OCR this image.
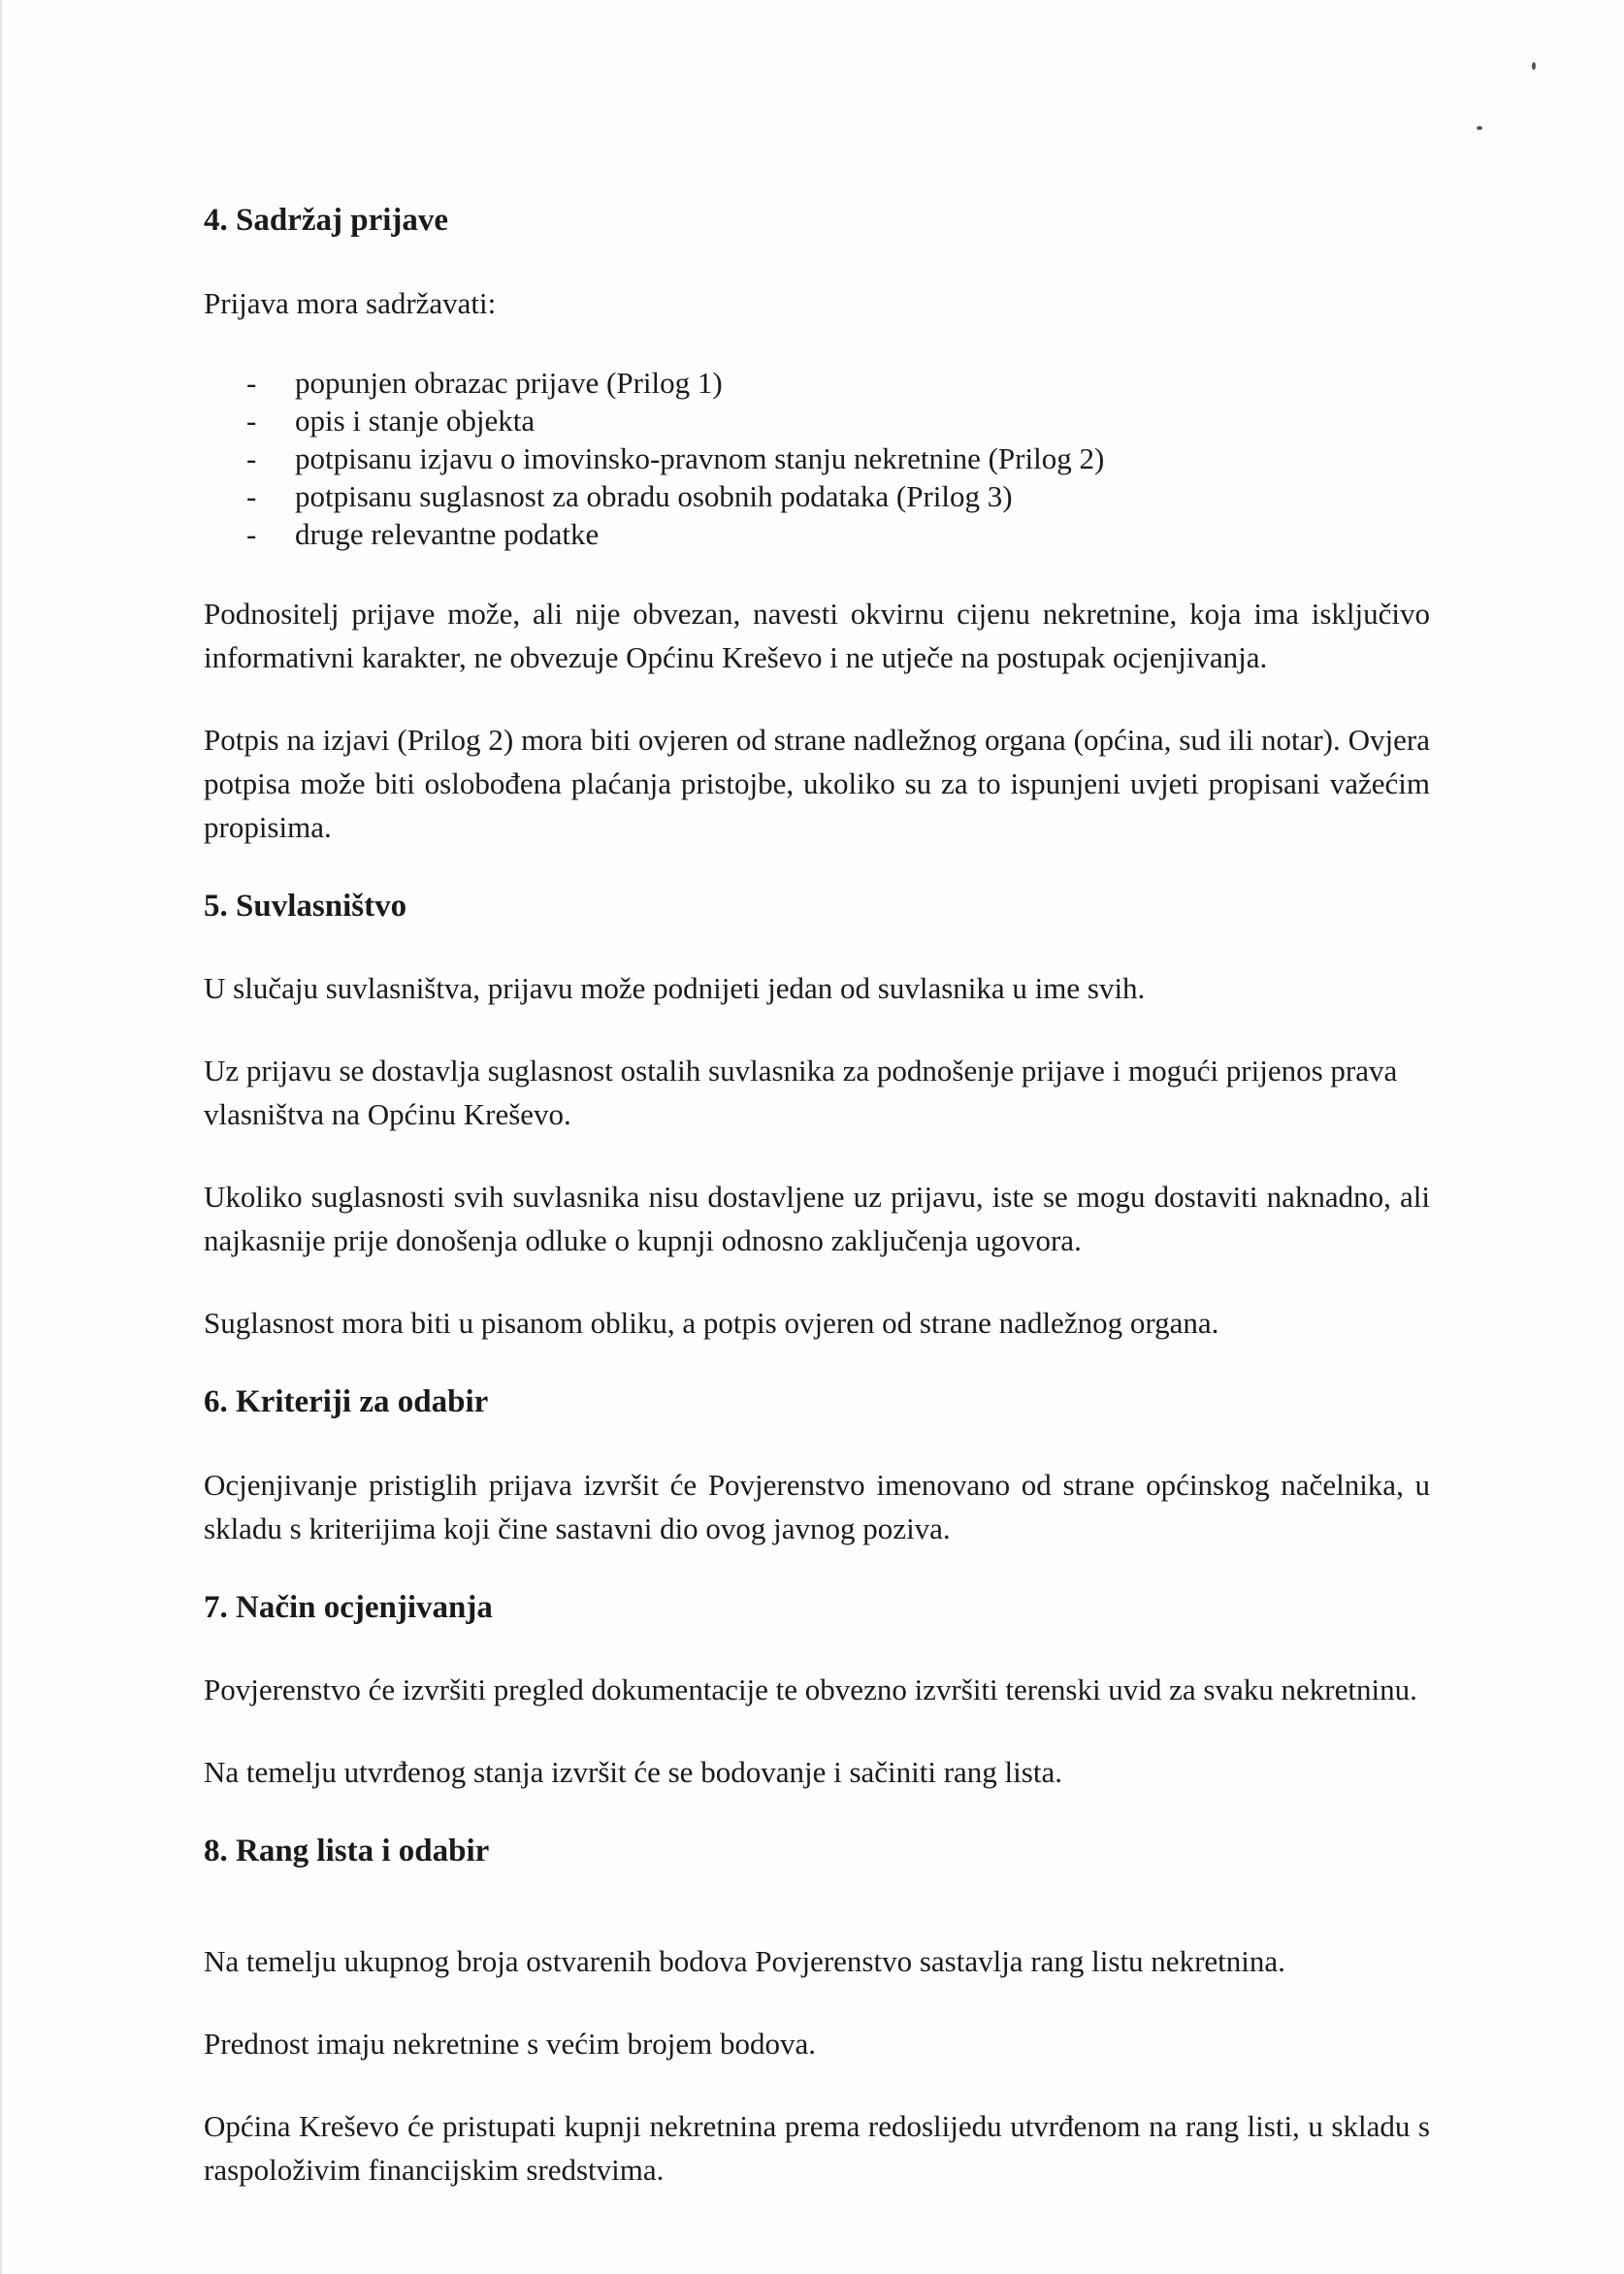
4. Sadržaj prijave

Prijava mora sadržavati:

- popunjen obrazac prijave (Prilog 1)
- opis i stanje objekta
- potpisanu izjavu o imovinsko-pravnom stanju nekretnine (Prilog 2)
- potpisanu suglasnost za obradu osobnih podataka (Prilog 3)
- druge relevantne podatke

Podnositelj prijave može, ali nije obvezan, navesti okvirnu cijenu nekretnine, koja ima isključivo informativni karakter, ne obvezuje Općinu Kreševo i ne utječe na postupak ocjenjivanja.

Potpis na izjavi (Prilog 2) mora biti ovjeren od strane nadležnog organa (općina, sud ili notar). Ovjera potpisa može biti oslobođena plaćanja pristojbe, ukoliko su za to ispunjeni uvjeti propisani važećim propisima.

5. Suvlasništvo

U slučaju suvlasništva, prijavu može podnijeti jedan od suvlasnika u ime svih.

Uz prijavu se dostavlja suglasnost ostalih suvlasnika za podnošenje prijave i mogući prijenos prava vlasništva na Općinu Kreševo.

Ukoliko suglasnosti svih suvlasnika nisu dostavljene uz prijavu, iste se mogu dostaviti naknadno, ali najkasnije prije donošenja odluke o kupnji odnosno zaključenja ugovora.

Suglasnost mora biti u pisanom obliku, a potpis ovjeren od strane nadležnog organa.

6. Kriteriji za odabir

Ocjenjivanje pristiglih prijava izvršit će Povjerenstvo imenovano od strane općinskog načelnika, u skladu s kriterijima koji čine sastavni dio ovog javnog poziva.

7. Način ocjenjivanja

Povjerenstvo će izvršiti pregled dokumentacije te obvezno izvršiti terenski uvid za svaku nekretninu.

Na temelju utvrđenog stanja izvršit će se bodovanje i sačiniti rang lista.

8. Rang lista i odabir

Na temelju ukupnog broja ostvarenih bodova Povjerenstvo sastavlja rang listu nekretnina.

Prednost imaju nekretnine s većim brojem bodova.

Općina Kreševo će pristupati kupnji nekretnina prema redoslijedu utvrđenom na rang listi, u skladu s raspoloživim financijskim sredstvima.
